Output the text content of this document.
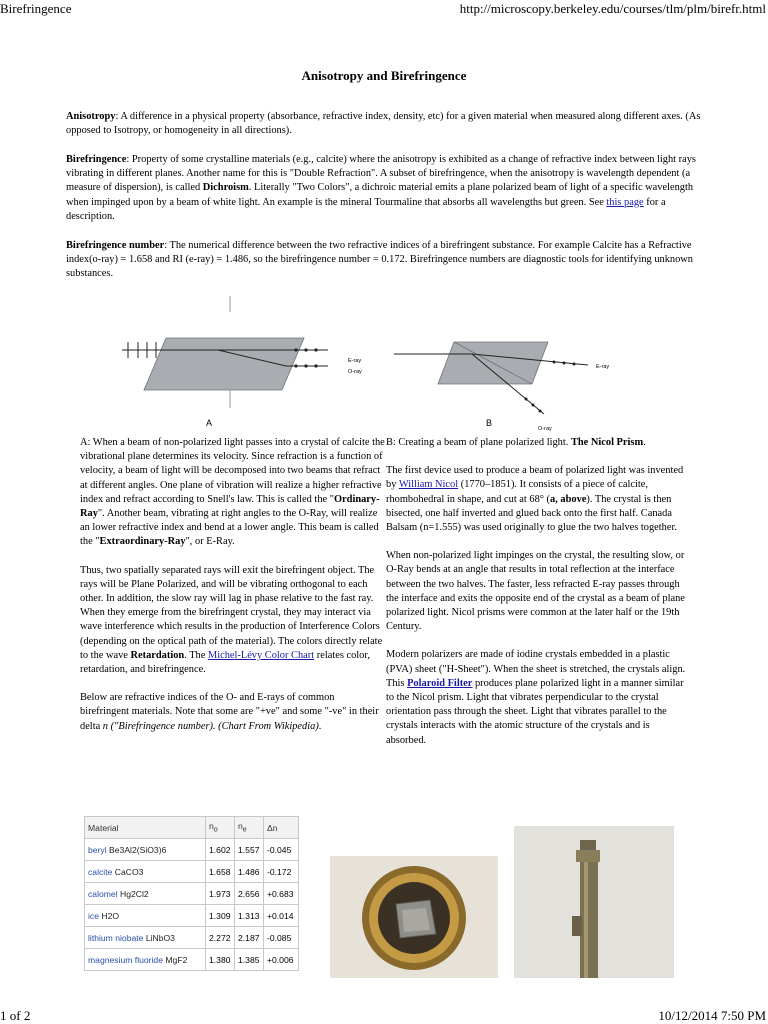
Birefringence	http://microscopy.berkeley.edu/courses/tlm/plm/birefr.html
Anisotropy and Birefringence
Anisotropy: A difference in a physical property (absorbance, refractive index, density, etc) for a given material when measured along different axes. (As opposed to Isotropy, or homogeneity in all directions).
Birefringence: Property of some crystalline materials (e.g., calcite) where the anisotropy is exhibited as a change of refractive index between light rays vibrating in different planes. Another name for this is "Double Refraction". A subset of birefringence, when the anisotropy is wavelength dependent (a measure of dispersion), is called Dichroism. Literally "Two Colors", a dichroic material emits a plane polarized beam of light of a specific wavelength when impinged upon by a beam of white light. An example is the mineral Tourmaline that absorbs all wavelengths but green. See this page for a description.
Birefringence number: The numerical difference between the two refractive indices of a birefringent substance. For example Calcite has a Refractive index(o-ray) = 1.658 and RI (e-ray) = 1.486, so the birefringence number = 0.172. Birefringence numbers are diagnostic tools for identifying unknown substances.
E-ray
O-ray
A
E-ray
O-ray
B

A: When a beam of non-polarized light passes into a crystal of calcite the vibrational plane determines its velocity. Since refraction is a function of velocity, a beam of light will be decomposed into two beams that refract at different angles. One plane of vibration will realize a higher refractive index and refract according to Snell's law. This is called the "Ordinary-Ray". Another beam, vibrating at right angles to the O-Ray, will realize an lower refractive index and bend at a lower angle. This beam is called the "Extraordinary-Ray", or E-Ray.

Thus, two spatially separated rays will exit the birefringent object. The rays will be Plane Polarized, and will be vibrating orthogonal to each other. In addition, the slow ray will lag in phase relative to the fast ray. When they emerge from the birefringent crystal, they may interact via wave interference which results in the production of Interference Colors (depending on the optical path of the material). The colors directly relate to the wave Retardation. The Michel-Lévy Color Chart relates color, retardation, and birefringence.

Below are refractive indices of the O- and E-rays of common birefringent materials. Note that some are "+ve" and some "-ve" in their delta n ("Birefringence number). (Chart From Wikipedia).

B: Creating a beam of plane polarized light. The Nicol Prism.

The first device used to produce a beam of polarized light was invented by William Nicol (1770–1851). It consists of a piece of calcite, rhombohedral in shape, and cut at 68° (a, above). The crystal is then bisected, one half inverted and glued back onto the first half. Canada Balsam (n=1.555) was used originally to glue the two halves together.

When non-polarized light impinges on the crystal, the resulting slow, or O-Ray bends at an angle that results in total reflection at the interface between the two halves. The faster, less refracted E-ray passes through the interface and exits the opposite end of the crystal as a beam of plane polarized light. Nicol prisms were common at the later half or the 19th Century.

Modern polarizers are made of iodine crystals embedded in a plastic (PVA) sheet ("H-Sheet"). When the sheet is stretched, the crystals align. This Polaroid Filter produces plane polarized light in a manner similar to the Nicol prism. Light that vibrates perpendicular to the crystal orientation pass through the sheet. Light that vibrates parallel to the crystals interacts with the atomic structure of the crystals and is absorbed.

Material	$n_o$	$n_e$	Δn
beryl Be3Al2(SiO3)6	1.602	1.557	-0.045
calcite CaCO3	1.658	1.486	-0.172
calomel Hg2Cl2	1.973	2.656	+0.683
ice H2O	1.309	1.313	+0.014
lithium niobate LiNbO3	2.272	2.187	-0.085
magnesium fluoride MgF2	1.380	1.385	+0.006
1 of 2	10/12/2014 7:50 PM
